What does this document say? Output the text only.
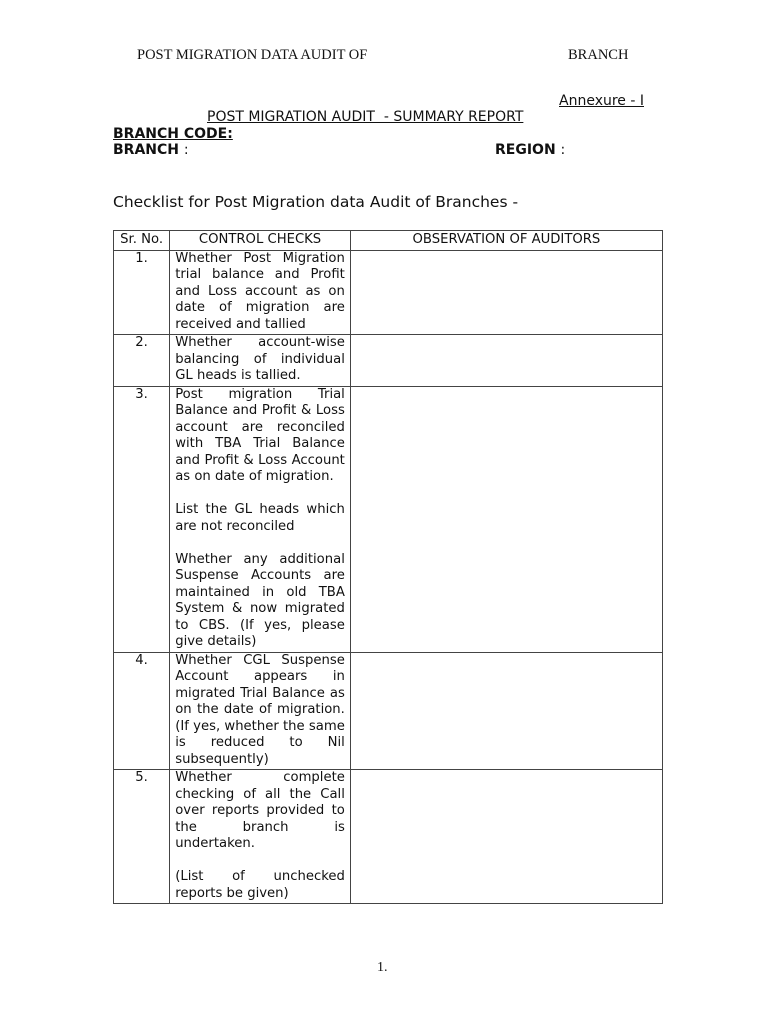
POST MIGRATION DATA AUDIT OF	BRANCH
Annexure - I
POST MIGRATION AUDIT  - SUMMARY REPORT
BRANCH CODE:
BRANCH :	REGION :
Checklist for Post Migration data Audit of Branches -
Sr. No.	CONTROL CHECKS	OBSERVATION OF AUDITORS
1.	Whether Post Migration trial balance and Profit and Loss account as on date of migration are received and tallied	

2.	Whether account-wise balancing of individual GL heads is tallied.	

3.	Post migration Trial Balance and Profit & Loss account are reconciled with TBA Trial Balance and Profit & Loss Account as on date of migration.
List the GL heads which are not reconciled
Whether any additional Suspense Accounts are maintained in old TBA System & now migrated to CBS. (If yes, please give details)	

4.	Whether CGL Suspense Account appears in migrated Trial Balance as on the date of migration. (If yes, whether the same is reduced to Nil subsequently)	

5.	Whether complete checking of all the Call over reports provided to the branch is undertaken.
(List of unchecked reports be given)	

1.
